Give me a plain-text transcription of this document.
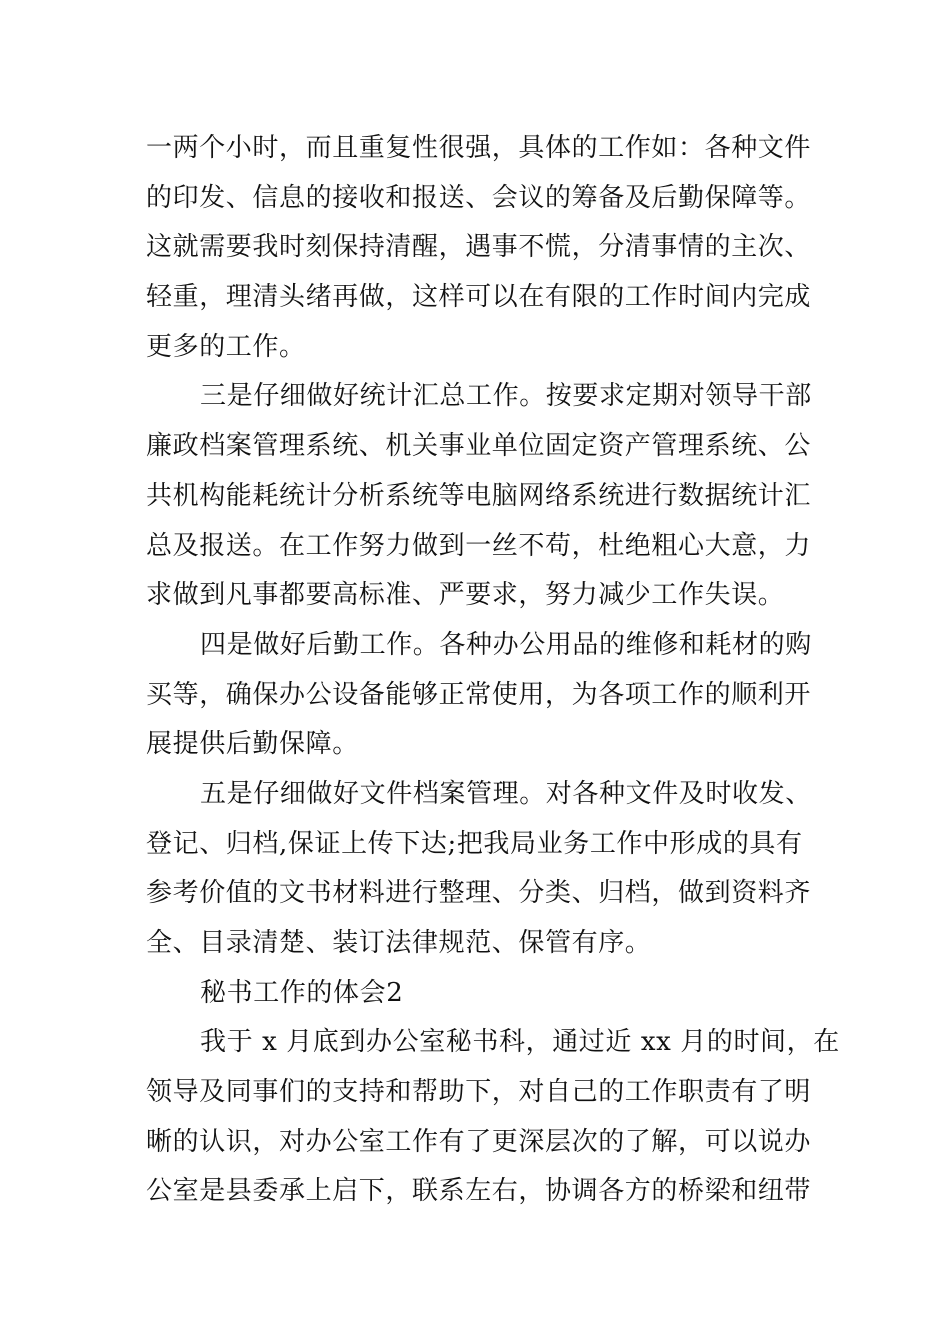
一两个小时，而且重复性很强，具体的工作如：各种文件
的印发、信息的接收和报送、会议的筹备及后勤保障等。
这就需要我时刻保持清醒，遇事不慌，分清事情的主次、
轻重，理清头绪再做，这样可以在有限的工作时间内完成
更多的工作。
三是仔细做好统计汇总工作。按要求定期对领导干部
廉政档案管理系统、机关事业单位固定资产管理系统、公
共机构能耗统计分析系统等电脑网络系统进行数据统计汇
总及报送。在工作努力做到一丝不苟，杜绝粗心大意，力
求做到凡事都要高标准、严要求，努力减少工作失误。
四是做好后勤工作。各种办公用品的维修和耗材的购
买等，确保办公设备能够正常使用，为各项工作的顺利开
展提供后勤保障。
五是仔细做好文件档案管理。对各种文件及时收发、
登记、归档,保证上传下达;把我局业务工作中形成的具有
参考价值的文书材料进行整理、分类、归档，做到资料齐
全、目录清楚、装订法律规范、保管有序。
秘书工作的体会2
我于 x 月底到办公室秘书科，通过近 xx 月的时间，在
领导及同事们的支持和帮助下，对自己的工作职责有了明
晰的认识，对办公室工作有了更深层次的了解，可以说办
公室是县委承上启下，联系左右，协调各方的桥梁和纽带
